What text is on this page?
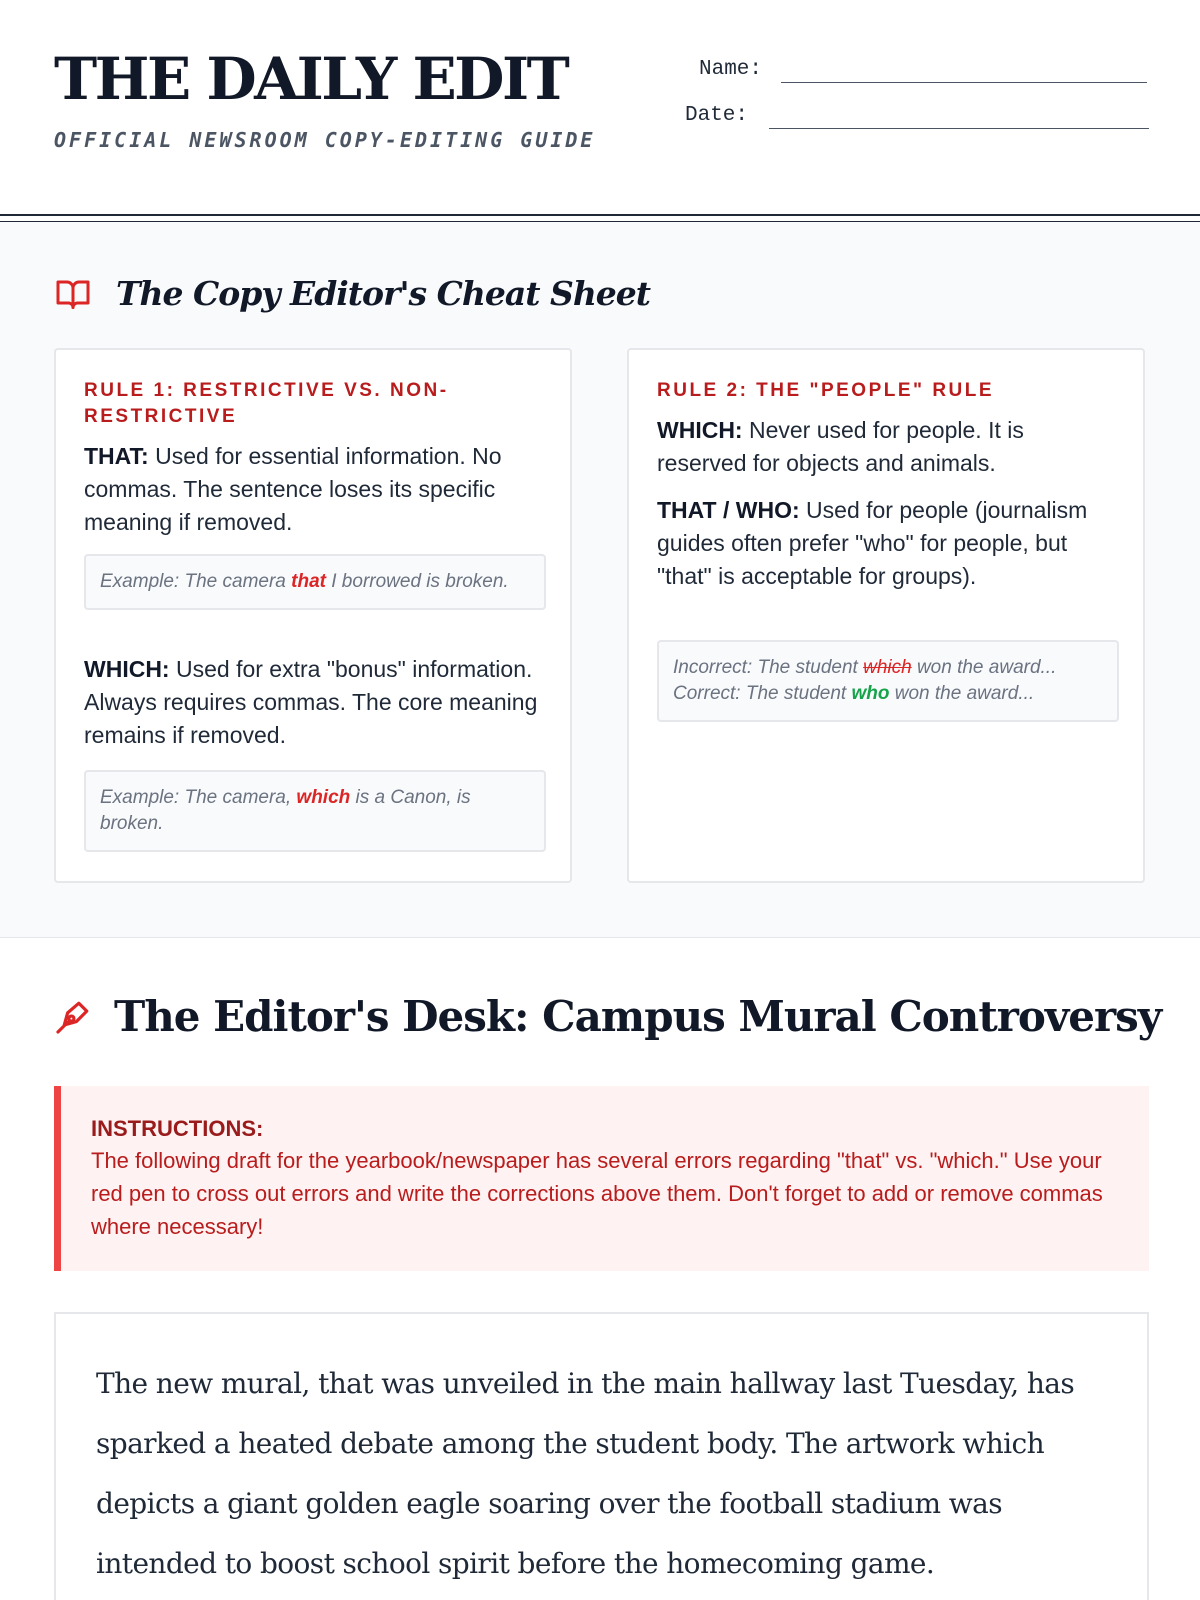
THE DAILY EDIT
OFFICIAL NEWSROOM COPY-EDITING GUIDE
Name:
Date:
The Copy Editor's Cheat Sheet
RULE 1: RESTRICTIVE VS. NON-RESTRICTIVE
THAT: Used for essential information. No commas. The sentence loses its specific meaning if removed.
Example: The camera that I borrowed is broken.
WHICH: Used for extra "bonus" information. Always requires commas. The core meaning remains if removed.
Example: The camera, which is a Canon, is broken.
RULE 2: THE "PEOPLE" RULE
WHICH: Never used for people. It is reserved for objects and animals.
THAT / WHO: Used for people (journalism guides often prefer "who" for people, but "that" is acceptable for groups).
Incorrect: The student which won the award...
Correct: The student who won the award...
The Editor's Desk: Campus Mural Controversy
INSTRUCTIONS:
The following draft for the yearbook/newspaper has several errors regarding "that" vs. "which." Use your red pen to cross out errors and write the corrections above them. Don't forget to add or remove commas where necessary!

The new mural, that was unveiled in the main hallway last Tuesday, has sparked a heated debate among the student body. The artwork which depicts a giant golden eagle soaring over the football stadium was intended to boost school spirit before the homecoming game.
